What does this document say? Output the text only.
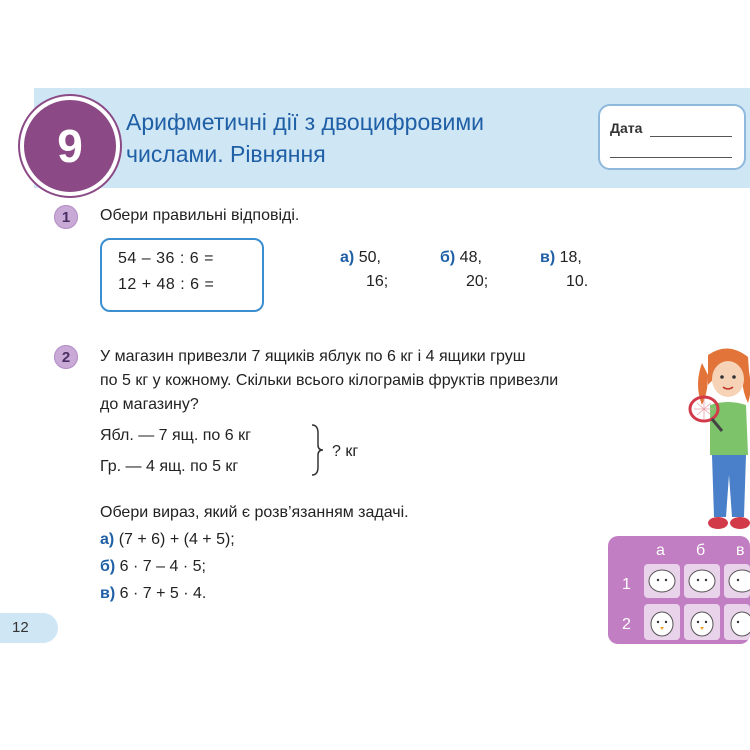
9	Арифметичні дії з двоцифровими
числами. Рівняння
Дата
1	Обери правильні відповіді.
54 – 36 : 6 =
12 + 48 : 6 =
а) 50,
16;
б) 48,
20;
в) 18,
10.
2	У магазин привезли 7 ящиків яблук по 6 кг і 4 ящики груш
по 5 кг у кожному. Скільки всього кілограмів фруктів привезли
до магазину?
Ябл. — 7 ящ. по 6 кг
Гр. — 4 ящ. по 5 кг
? кг
Обери вираз, який є розв’язанням задачі.
а) (7 + 6) + (4 + 5);
б) 6 · 7 – 4 · 5;
в) 6 · 7 + 5 · 4.
а б в
1
2
12
